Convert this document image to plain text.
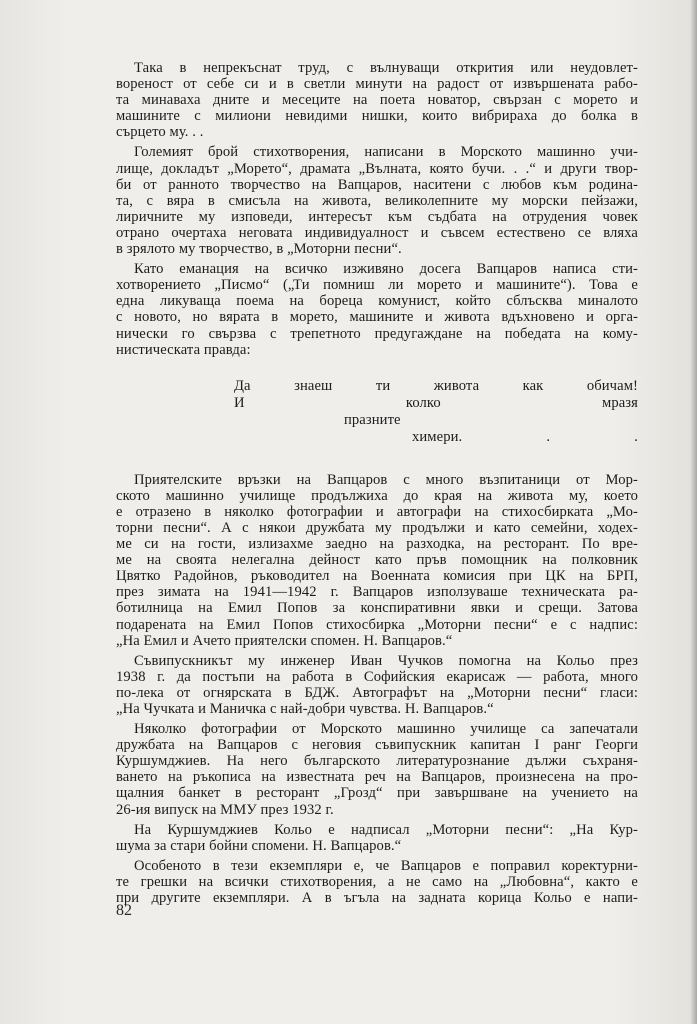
Така в непрекъснат труд, с вълнуващи открития или неудовлет-
вореност от себе си и в светли минути на радост от извършената рабо-
та минаваха дните и месеците на поета новатор, свързан с морето и
машините с милиони невидими нишки, които вибрираха до болка в
сърцето му. . .
Големият брой стихотворения, написани в Морското машинно учи-
лище, докладът „Морето“, драмата „Вълната, която бучи. . .“ и други твор-
би от ранното творчество на Вапцаров, наситени с любов към родина-
та, с вяра в смисъла на живота, великолепните му морски пейзажи,
лиричните му изповеди, интересът към съдбата на отрудения човек
отрано очертаха неговата индивидуалност и съвсем естествено се вляха
в зрялото му творчество, в „Моторни песни“.
Като еманация на всичко изживяно досега Вапцаров написа сти-
хотворението „Писмо“ („Ти помниш ли морето и машините“). Това е
една ликуваща поема на бореца комунист, който сблъсква миналото
с новото, но вярата в морето, машините и живота вдъхновено и орга-
нически го свързва с трепетното предугаждане на победата на кому-
нистическата правда:
Да знаеш ти живота как обичам!
И колко мразя
празните
химери. . .
Приятелските връзки на Вапцаров с много възпитаници от Мор-
ското машинно училище продължиха до края на живота му, което
е отразено в няколко фотографии и автографи на стихосбирката „Мо-
торни песни“. А с някои дружбата му продължи и като семейни, ходех-
ме си на гости, излизахме заедно на разходка, на ресторант. По вре-
ме на своята нелегална дейност като пръв помощник на полковник
Цвятко Радойнов, ръководител на Военната комисия при ЦК на БРП,
през зимата на 1941—1942 г. Вапцаров използуваше техническата ра-
ботилница на Емил Попов за конспиративни явки и срещи. Затова
подарената на Емил Попов стихосбирка „Моторни песни“ е с надпис:
„На Емил и Ачето приятелски спомен. Н. Вапцаров.“
Съвипускникът му инженер Иван Чучков помогна на Кольо през
1938 г. да постъпи на работа в Софийския екарисаж — работа, много
по-лека от огнярската в БДЖ. Автографът на „Моторни песни“ гласи:
„На Чучката и Маничка с най-добри чувства. Н. Вапцаров.“
Няколко фотографии от Морското машинно училище са запечатали
дружбата на Вапцаров с неговия съвипускник капитан I ранг Георги
Куршумджиев. На него българското литературознание дължи съхраня-
ването на ръкописа на известната реч на Вапцаров, произнесена на про-
щалния банкет в ресторант „Грозд“ при завършване на учението на
26-ия випуск на ММУ през 1932 г.
На Куршумджиев Кольо е надписал „Моторни песни“: „На Кур-
шума за стари бойни спомени. Н. Вапцаров.“
Особеното в тези екземпляри е, че Вапцаров е поправил коректурни-
те грешки на всички стихотворения, а не само на „Любовна“, както е
при другите екземпляри. А в ъгъла на задната корица Кольо е напи-
82
